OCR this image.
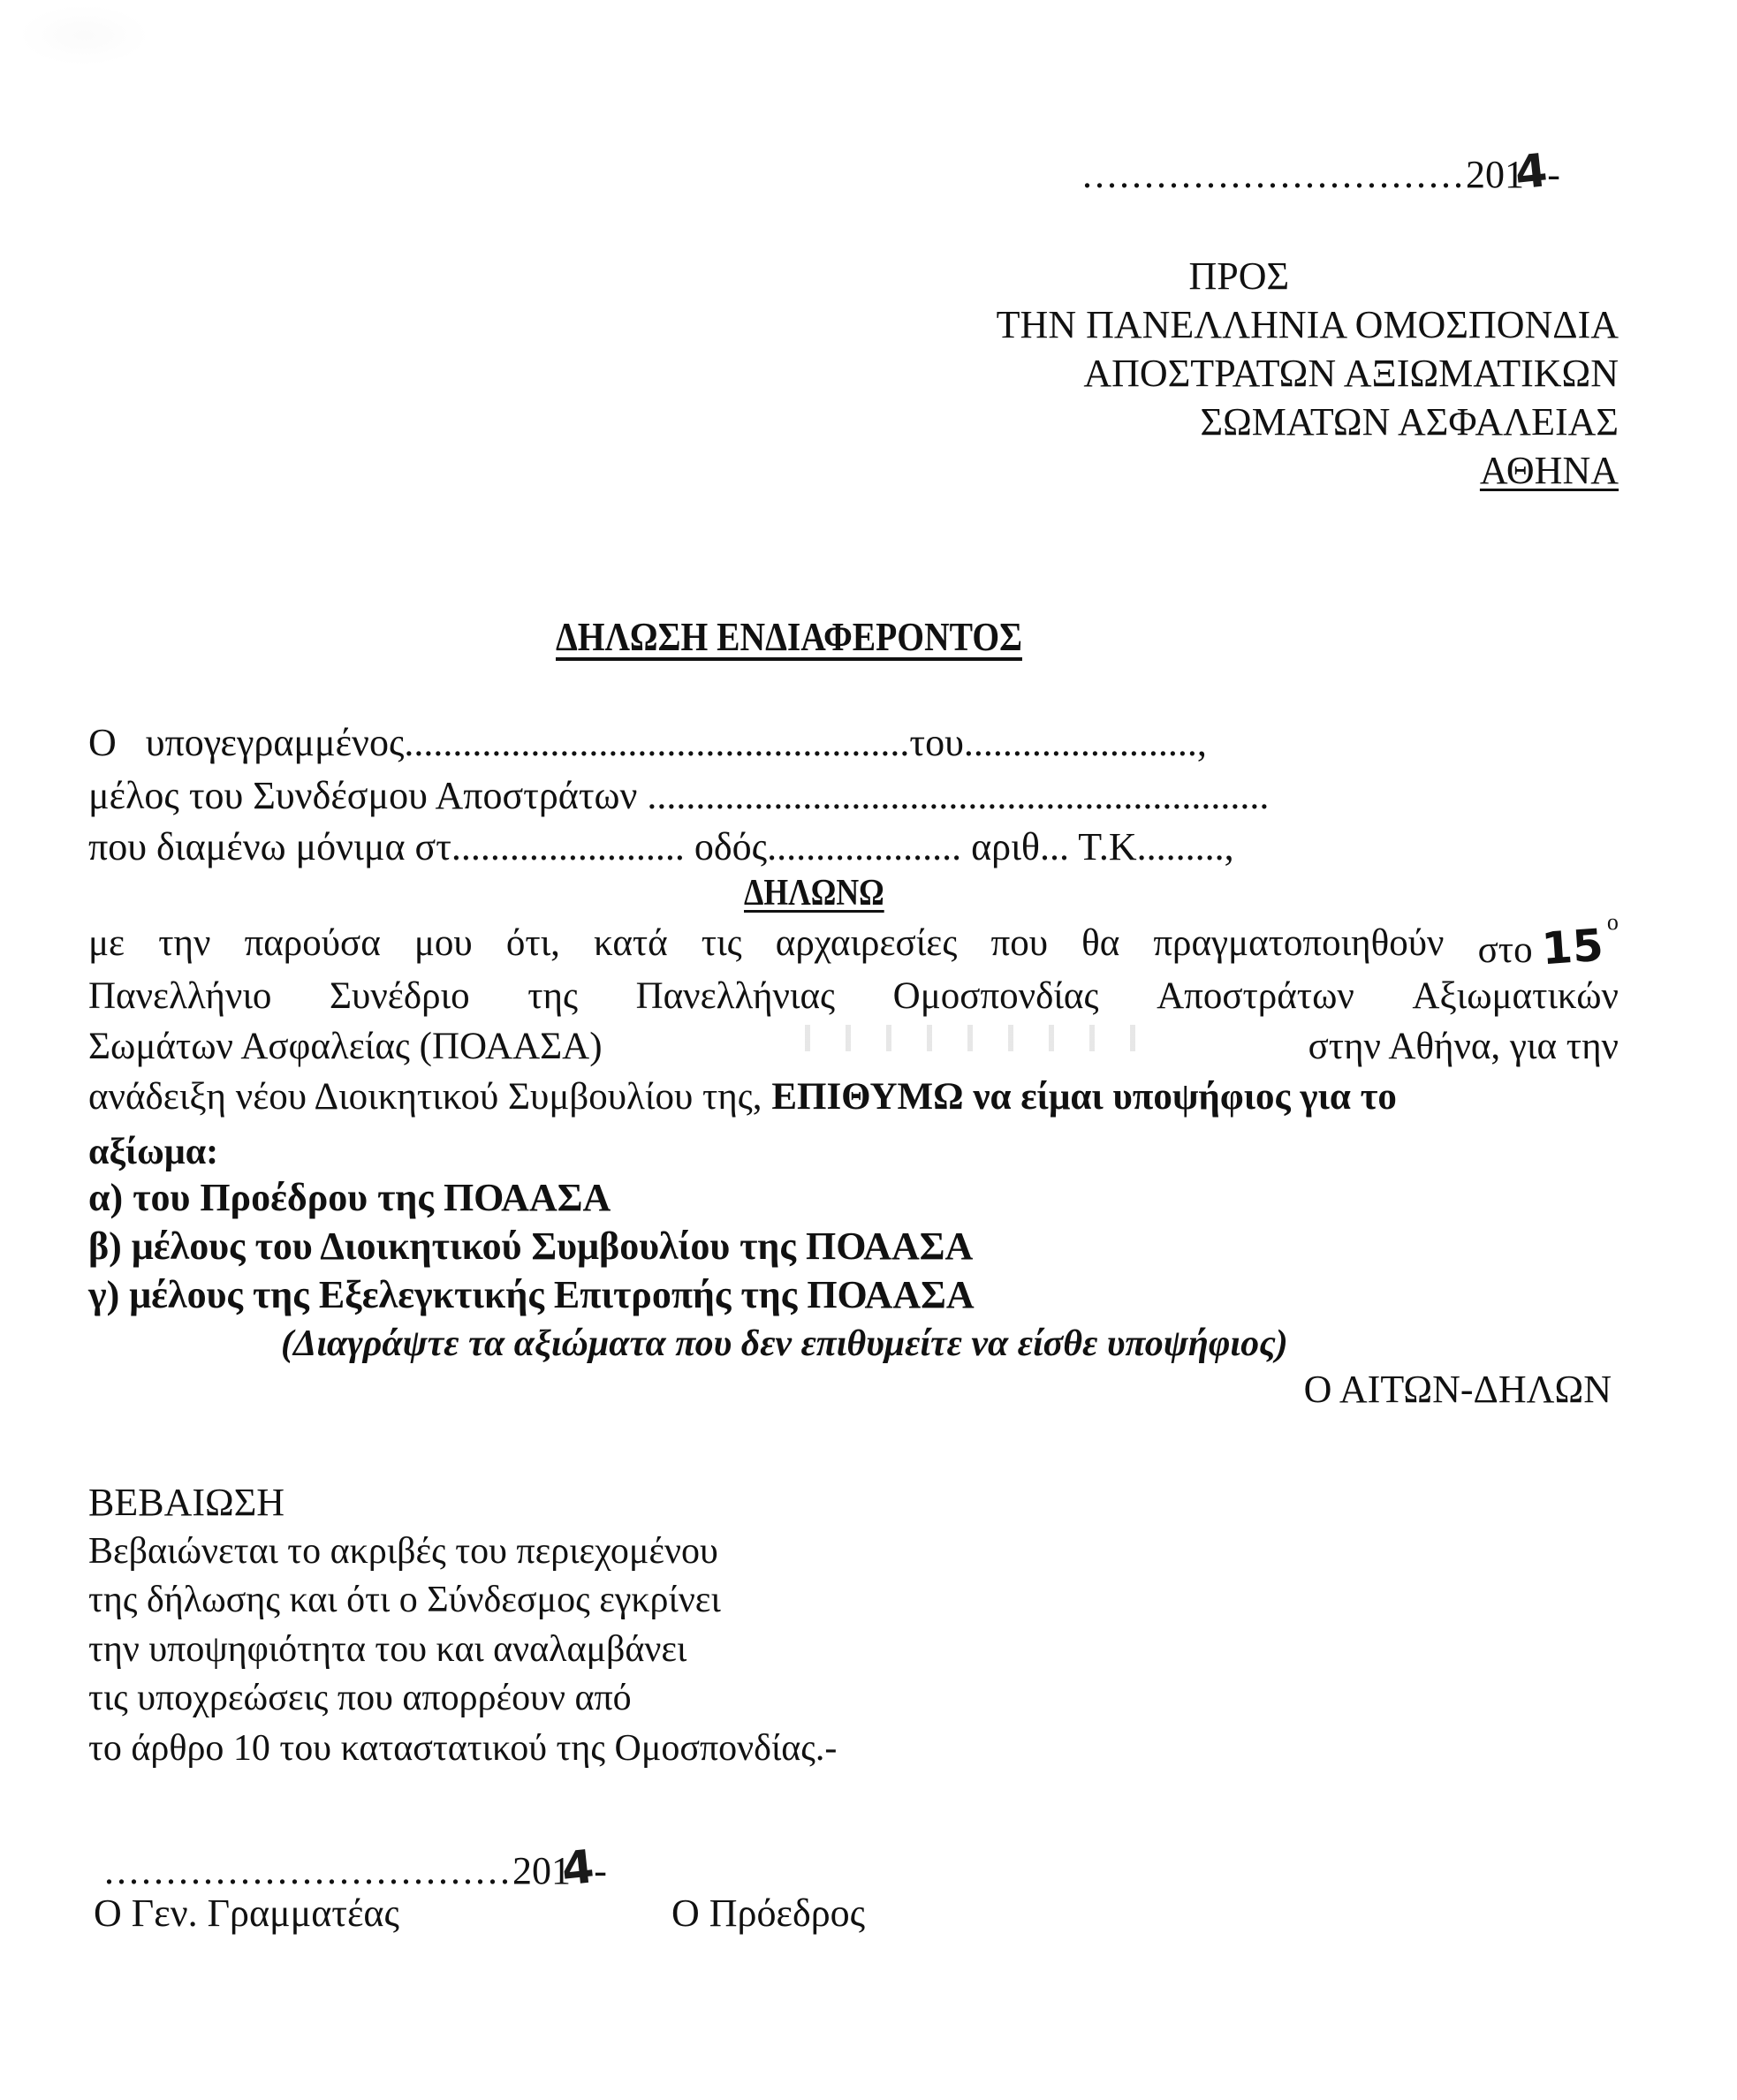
...............................2014-
ΠΡΟΣ
ΤΗΝ ΠΑΝΕΛΛΗΝΙΑ ΟΜΟΣΠΟΝΔΙΑ
ΑΠΟΣΤΡΑΤΩΝ ΑΞΙΩΜΑΤΙΚΩΝ
ΣΩΜΑΤΩΝ ΑΣΦΑΛΕΙΑΣ
ΑΘΗΝΑ
ΔΗΛΩΣΗ ΕΝΔΙΑΦΕΡΟΝΤΟΣ
Ο υπογεγραμμένος....................................................του........................,
μέλος του Συνδέσμου Αποστράτων ................................................................
που διαμένω μόνιμα στ........................ οδός.................... αριθ... Τ.Κ.........,
ΔΗΛΩΝΩ
με την παρούσα μου ότι, κατά τις αρχαιρεσίες που θα πραγματοποιηθούν στο $15^o$
Πανελλήνιο Συνέδριο της Πανελλήνιας Ομοσπονδίας Αποστράτων Αξιωματικών
Σωμάτων Ασφαλείας (ΠΟΑΑΣΑ)	στην Αθήνα, για την
ανάδειξη νέου Διοικητικού Συμβουλίου της, ΕΠΙΘΥΜΩ να είμαι υποψήφιος για το
αξίωμα:
α) του Προέδρου της ΠΟΑΑΣΑ
β) μέλους του Διοικητικού Συμβουλίου της ΠΟΑΑΣΑ
γ) μέλους της Εξελεγκτικής Επιτροπής της ΠΟΑΑΣΑ
(Διαγράψτε τα αξιώματα που δεν επιθυμείτε να είσθε υποψήφιος)
Ο ΑΙΤΩΝ-ΔΗΛΩΝ
ΒΕΒΑΙΩΣΗ
Βεβαιώνεται το ακριβές του περιεχομένου
της δήλωσης και ότι ο Σύνδεσμος εγκρίνει
την υποψηφιότητα του και αναλαμβάνει
τις υποχρεώσεις που απορρέουν από
το άρθρο 10 του καταστατικού της Ομοσπονδίας.-
.................................2014-
Ο Γεν. Γραμματέας	Ο Πρόεδρος
